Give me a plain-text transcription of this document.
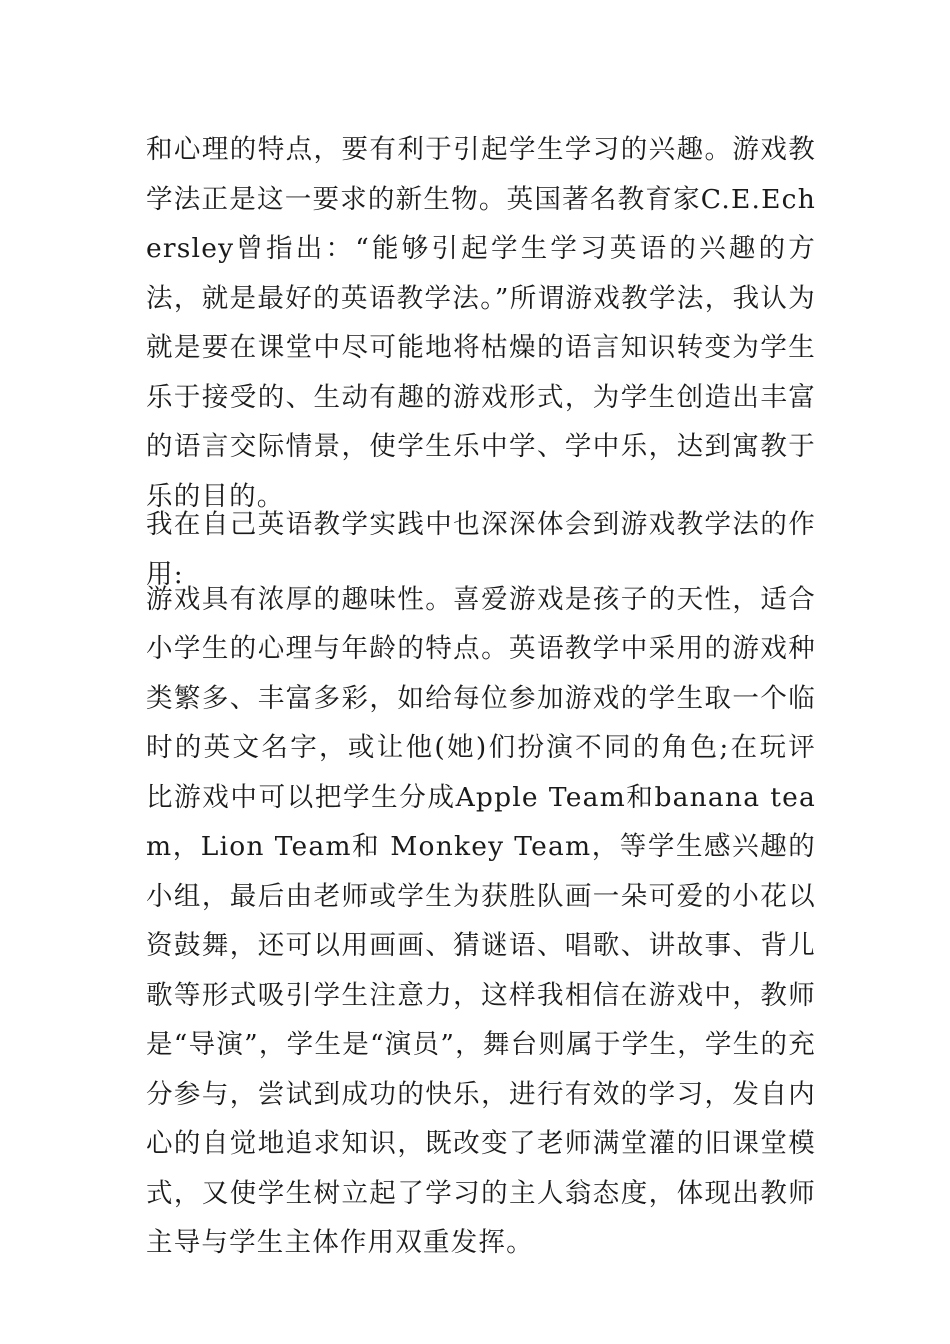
和心理的特点，要有利于引起学生学习的兴趣。游戏教学法正是这一要求的新生物。英国著名教育家C.E.Echersley曾指出：“能够引起学生学习英语的兴趣的方法，就是最好的英语教学法。”所谓游戏教学法，我认为就是要在课堂中尽可能地将枯燥的语言知识转变为学生乐于接受的、生动有趣的游戏形式，为学生创造出丰富的语言交际情景，使学生乐中学、学中乐，达到寓教于乐的目的。

我在自己英语教学实践中也深深体会到游戏教学法的作用:

游戏具有浓厚的趣味性。喜爱游戏是孩子的天性，适合小学生的心理与年龄的特点。英语教学中采用的游戏种类繁多、丰富多彩，如给每位参加游戏的学生取一个临时的英文名字，或让他(她)们扮演不同的角色;在玩评比游戏中可以把学生分成Apple Team和banana team，Lion Team和 Monkey Team，等学生感兴趣的小组，最后由老师或学生为获胜队画一朵可爱的小花以资鼓舞，还可以用画画、猜谜语、唱歌、讲故事、背儿歌等形式吸引学生注意力，这样我相信在游戏中，教师是“导演”，学生是“演员”，舞台则属于学生，学生的充分参与，尝试到成功的快乐，进行有效的学习，发自内心的自觉地追求知识，既改变了老师满堂灌的旧课堂模式，又使学生树立起了学习的主人翁态度，体现出教师主导与学生主体作用双重发挥。
